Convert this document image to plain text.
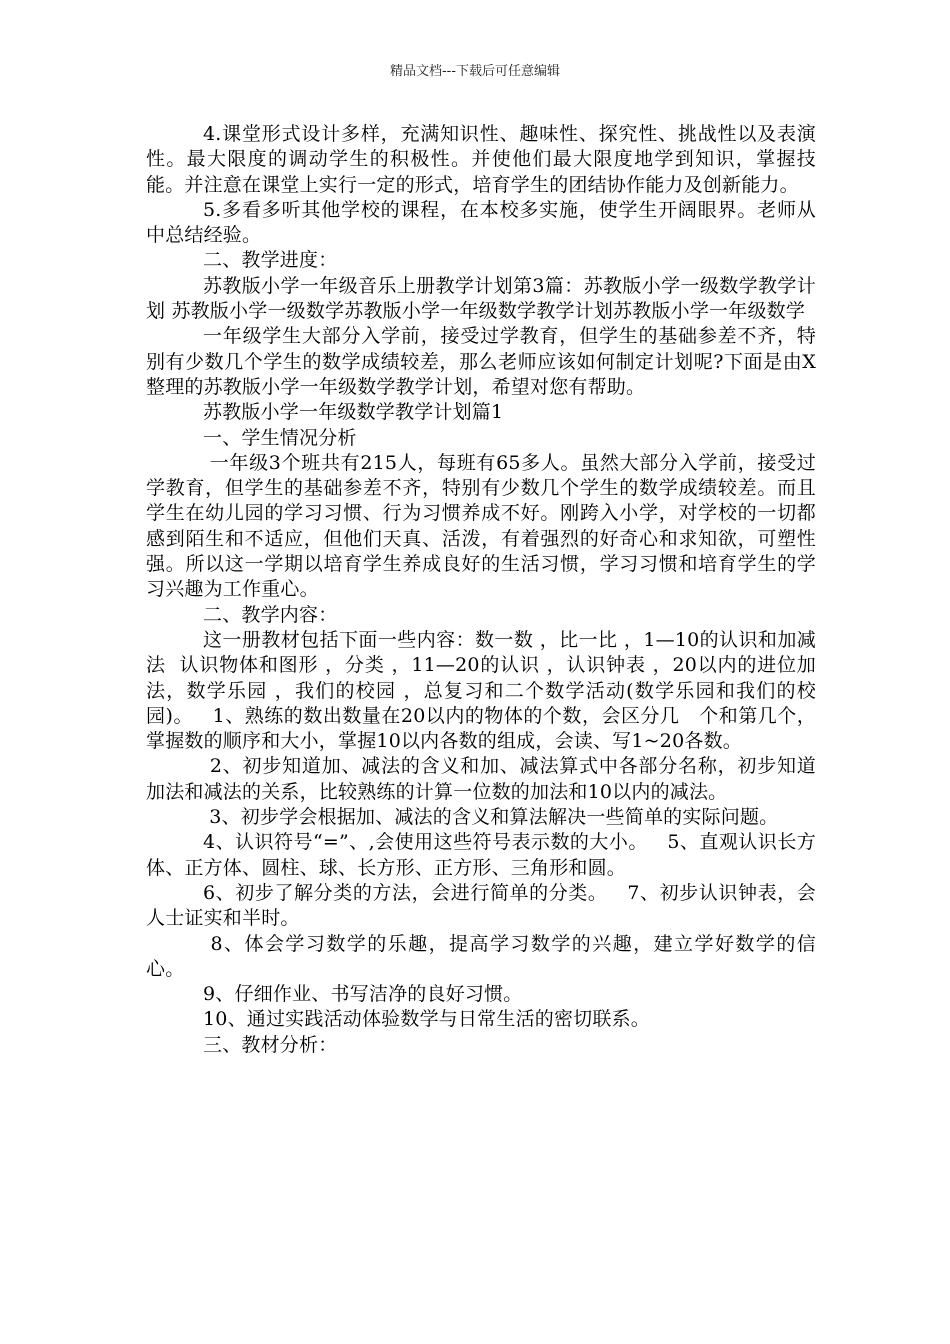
精品文档---下载后可任意编辑

4.课堂形式设计多样，充满知识性、趣味性、探究性、挑战性以及表演性。最大限度的调动学生的积极性。并使他们最大限度地学到知识，掌握技能。并注意在课堂上实行一定的形式，培育学生的团结协作能力及创新能力。

5.多看多听其他学校的课程，在本校多实施，使学生开阔眼界。老师从中总结经验。

二、教学进度：

苏教版小学一年级音乐上册教学计划第3篇：苏教版小学一级数学教学计划 苏教版小学一级数学苏教版小学一年级数学教学计划苏教版小学一年级数学

一年级学生大部分入学前，接受过学教育，但学生的基础参差不齐，特别有少数几个学生的数学成绩较差，那么老师应该如何制定计划呢?下面是由X整理的苏教版小学一年级数学教学计划，希望对您有帮助。

苏教版小学一年级数学教学计划篇1

一、学生情况分析

一年级3个班共有215人，每班有65多人。虽然大部分入学前，接受过学教育，但学生的基础参差不齐，特别有少数几个学生的数学成绩较差。而且学生在幼儿园的学习习惯、行为习惯养成不好。刚跨入小学，对学校的一切都感到陌生和不适应，但他们天真、活泼，有着强烈的好奇心和求知欲，可塑性强。所以这一学期以培育学生养成良好的生活习惯，学习习惯和培育学生的学习兴趣为工作重心。

二、教学内容：

这一册教材包括下面一些内容：数一数 ，比一比 ，1—10的认识和加减法  认识物体和图形 ，分类 ，11—20的认识 ，认识钟表 ，20以内的进位加法，数学乐园 ，我们的校园 ，总复习和二个数学活动(数学乐园和我们的校园)。   1、熟练的数出数量在20以内的物体的个数，会区分几   个和第几个，掌握数的顺序和大小，掌握10以内各数的组成，会读、写1~20各数。

2、初步知道加、减法的含义和加、减法算式中各部分名称，初步知道加法和减法的关系，比较熟练的计算一位数的加法和10以内的减法。

3、初步学会根据加、减法的含义和算法解决一些简单的实际问题。

4、认识符号“=”、,会使用这些符号表示数的大小。   5、直观认识长方体、正方体、圆柱、球、长方形、正方形、三角形和圆。

6、初步了解分类的方法，会进行简单的分类。   7、初步认识钟表，会人士证实和半时。

8、体会学习数学的乐趣，提高学习数学的兴趣，建立学好数学的信心。

9、仔细作业、书写洁净的良好习惯。

10、通过实践活动体验数学与日常生活的密切联系。

三、教材分析：
